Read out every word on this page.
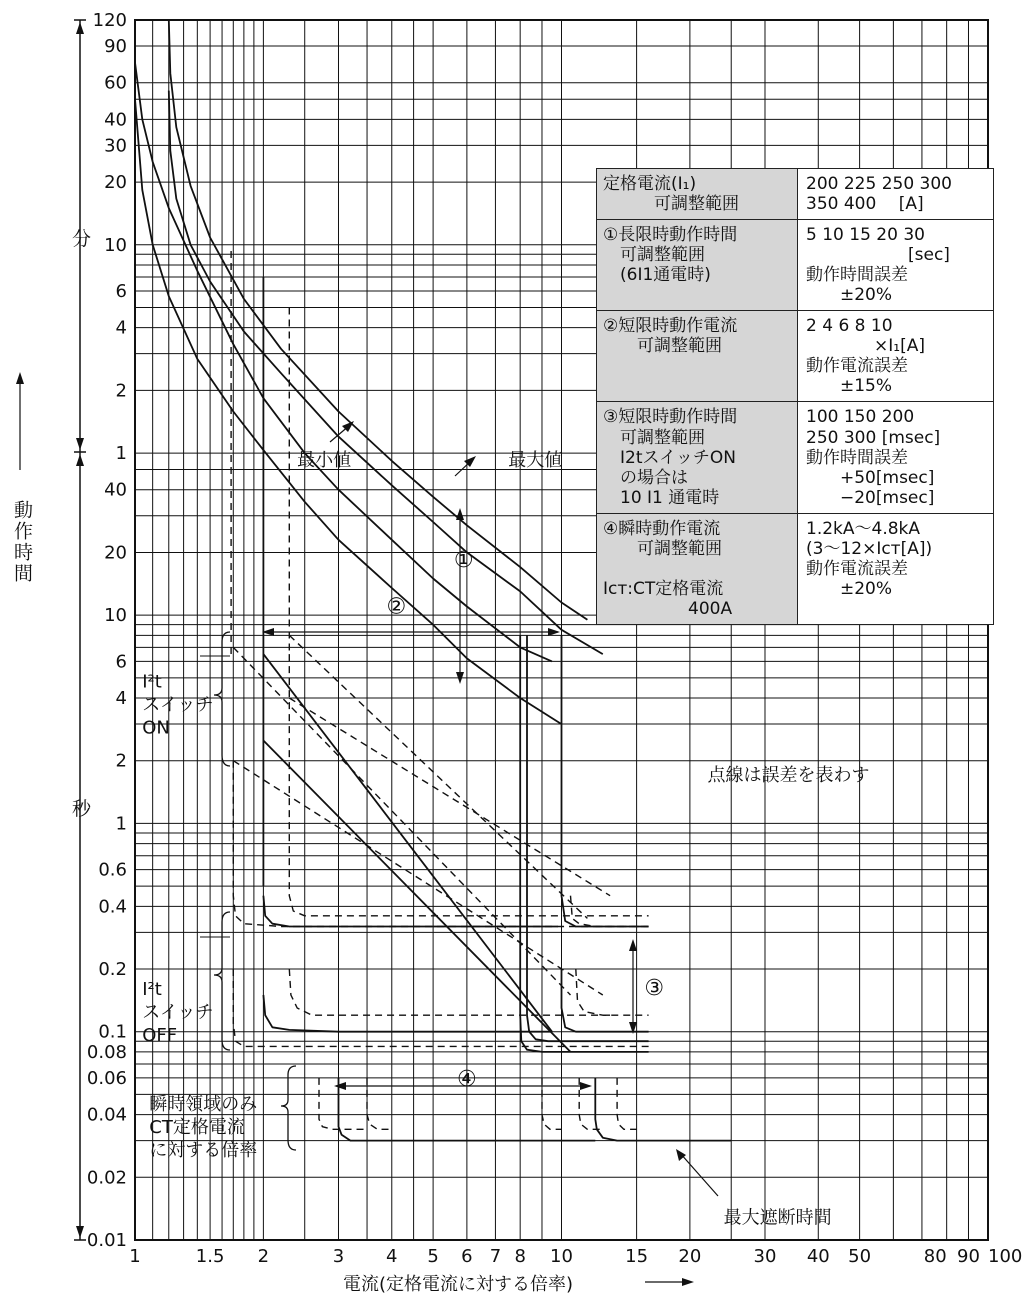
1	1.5 2	3 4 5 6 7 8 10	15 20	30 40 50	80 90 100
0.01
0.02
0.04
0.06
0.08
0.1
0.2
0.4
0.6
1
2
4
6
10
20
40
1
2
4
6
10
20
30
40
60
90
120
動作時間
分
秒
電流(定格電流に対する倍率)
最小値	最大値
①
②
③
④
最大遮断時間
点線は誤差を表わす
I²t スイッチ ON
I²t スイッチ OFF
瞬時領域のみ CT定格電流に対する倍率
定格電流(I₁)
　　　可調整範囲	200 225 250 300
350 400　 [A]
①長限時動作時間
　可調整範囲
　(6I1通電時)	5 10 15 20 30
　　　　　　[sec]
動作時間誤差
　　±20%
②短限時動作電流
　　可調整範囲	2 4 6 8 10
　　　　×I₁[A]
動作電流誤差
　　±15%
③短限時動作時間
　可調整範囲
　I2tスイッチON
　の場合は
　10 I1 通電時	100 150 200
250 300 [msec]
動作時間誤差
　　+50[msec]
　　−20[msec]
④瞬時動作電流
　　可調整範囲

Icт:CT定格電流
　　　　　400A	1.2kA〜4.8kA
(3〜12×Icт[A])
動作電流誤差
　　±20%
